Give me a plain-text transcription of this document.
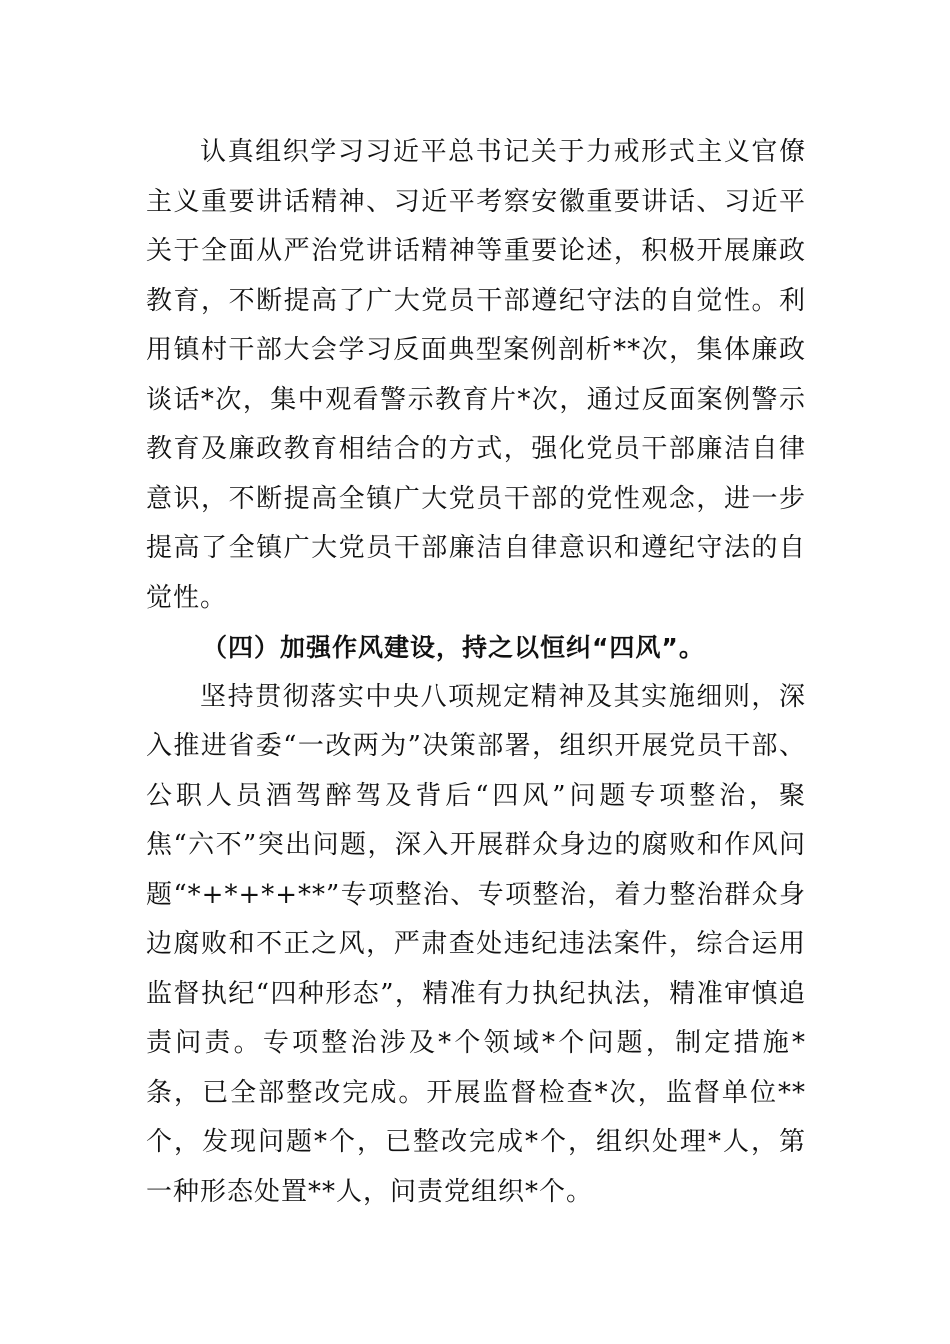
认真组织学习习近平总书记关于力戒形式主义官僚主义重要讲话精神、习近平考察安徽重要讲话、习近平关于全面从严治党讲话精神等重要论述，积极开展廉政教育，不断提高了广大党员干部遵纪守法的自觉性。利用镇村干部大会学习反面典型案例剖析**次，集体廉政谈话*次，集中观看警示教育片*次，通过反面案例警示教育及廉政教育相结合的方式，强化党员干部廉洁自律意识，不断提高全镇广大党员干部的党性观念，进一步提高了全镇广大党员干部廉洁自律意识和遵纪守法的自觉性。

（四）加强作风建设，持之以恒纠“四风”。

坚持贯彻落实中央八项规定精神及其实施细则，深入推进省委“一改两为”决策部署，组织开展党员干部、公职人员酒驾醉驾及背后“四风”问题专项整治，聚焦“六不”突出问题，深入开展群众身边的腐败和作风问题“*+*+*+**”专项整治、专项整治，着力整治群众身边腐败和不正之风，严肃查处违纪违法案件，综合运用监督执纪“四种形态”，精准有力执纪执法，精准审慎追责问责。专项整治涉及*个领域*个问题，制定措施*条，已全部整改完成。开展监督检查*次，监督单位**个，发现问题*个，已整改完成*个，组织处理*人，第一种形态处置**人，问责党组织*个。
